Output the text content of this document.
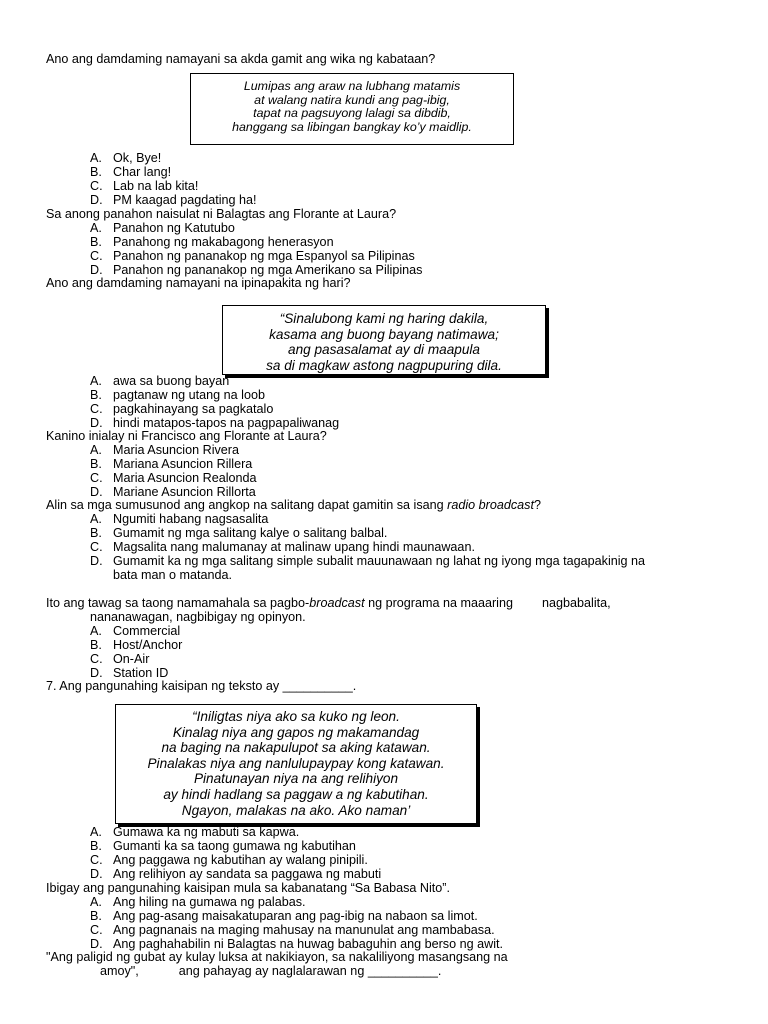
Ano ang damdaming namayani sa akda gamit ang wika ng kabataan?
Lumipas ang araw na lubhang matamis
at walang natira kundi ang pag-ibig,
tapat na pagsuyong lalagi sa dibdib,
hanggang sa libingan bangkay ko’y maidlip.
A. Ok, Bye!
B. Char lang!
C. Lab na lab kita!
D. PM kaagad pagdating ha!
Sa anong panahon naisulat ni Balagtas ang Florante at Laura?
A. Panahon ng Katutubo
B. Panahong ng makabagong henerasyon
C. Panahon ng pananakop ng mga Espanyol sa Pilipinas
D. Panahon ng pananakop ng mga Amerikano sa Pilipinas
Ano ang damdaming namayani na ipinapakita ng hari?
“Sinalubong kami ng haring dakila,
kasama ang buong bayang natimawa;
ang pasasalamat ay di maapula
sa di magkaw astong nagpupuring dila.
A. awa sa buong bayan
B. pagtanaw ng utang na loob
C. pagkahinayang sa pagkatalo
D. hindi matapos-tapos na pagpapaliwanag
Kanino inialay ni Francisco ang Florante at Laura?
A. Maria Asuncion Rivera
B. Mariana Asuncion Rillera
C. Maria Asuncion Realonda
D. Mariane Asuncion Rillorta
Alin sa mga sumusunod ang angkop na salitang dapat gamitin sa isang radio broadcast?
A. Ngumiti habang nagsasalita
B. Gumamit ng mga salitang kalye o salitang balbal.
C. Magsalita nang malumanay at malinaw upang hindi maunawaan.
D. Gumamit ka ng mga salitang simple subalit mauunawaan ng lahat ng iyong mga tagapakinig na
bata man o matanda.
Ito ang tawag sa taong namamahala sa pagbo-broadcast ng programa na maaaring nagbabalita,
nananawagan, nagbibigay ng opinyon.
A. Commercial
B. Host/Anchor
C. On-Air
D. Station ID
7. Ang pangunahing kaisipan ng teksto ay __________.
“Iniligtas niya ako sa kuko ng leon.
Kinalag niya ang gapos ng makamandag
na baging na nakapulupot sa aking katawan.
Pinalakas niya ang nanlulupaypay kong katawan.
Pinatunayan niya na ang relihiyon
ay hindi hadlang sa paggaw a ng kabutihan.
Ngayon, malakas na ako. Ako naman’
A. Gumawa ka ng mabuti sa kapwa.
B. Gumanti ka sa taong gumawa ng kabutihan
C. Ang paggawa ng kabutihan ay walang pinipili.
D. Ang relihiyon ay sandata sa paggawa ng mabuti
Ibigay ang pangunahing kaisipan mula sa kabanatang “Sa Babasa Nito”.
A. Ang hiling na gumawa ng palabas.
B. Ang pag-asang maisakatuparan ang pag-ibig na nabaon sa limot.
C. Ang pagnanais na maging mahusay na manunulat ang mambabasa.
D. Ang paghahabilin ni Balagtas na huwag babaguhin ang berso ng awit.
"Ang paligid ng gubat ay kulay luksa at nakikiayon, sa nakaliliyong masangsang na
amoy",	ang pahayag ay naglalarawan ng __________.
